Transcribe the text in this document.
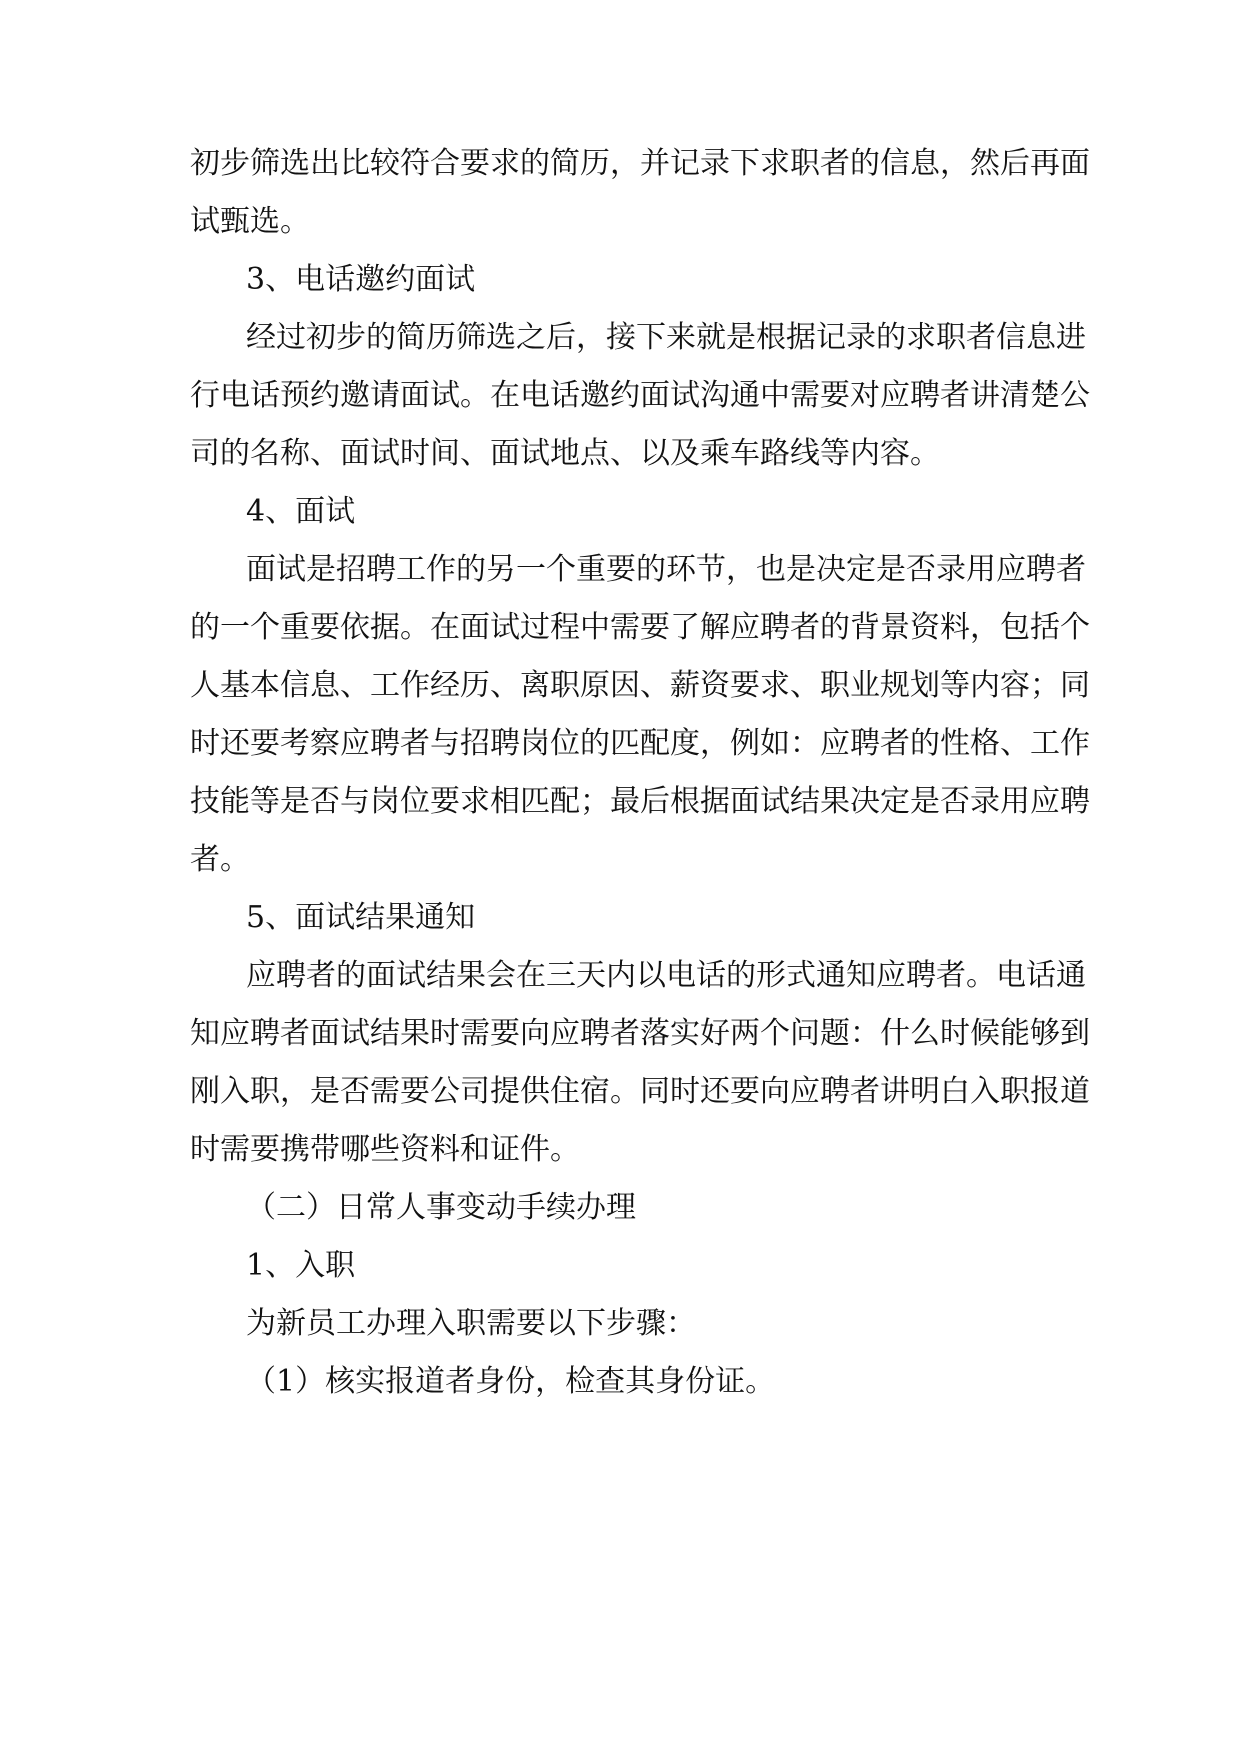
初步筛选出比较符合要求的简历，并记录下求职者的信息，然后再面
试甄选。
3、电话邀约面试
经过初步的简历筛选之后，接下来就是根据记录的求职者信息进
行电话预约邀请面试。在电话邀约面试沟通中需要对应聘者讲清楚公
司的名称、面试时间、面试地点、以及乘车路线等内容。
4、面试
面试是招聘工作的另一个重要的环节，也是决定是否录用应聘者
的一个重要依据。在面试过程中需要了解应聘者的背景资料，包括个
人基本信息、工作经历、离职原因、薪资要求、职业规划等内容；同
时还要考察应聘者与招聘岗位的匹配度，例如：应聘者的性格、工作
技能等是否与岗位要求相匹配；最后根据面试结果决定是否录用应聘
者。
5、面试结果通知
应聘者的面试结果会在三天内以电话的形式通知应聘者。电话通
知应聘者面试结果时需要向应聘者落实好两个问题：什么时候能够到
刚入职，是否需要公司提供住宿。同时还要向应聘者讲明白入职报道
时需要携带哪些资料和证件。
（二）日常人事变动手续办理
1、入职
为新员工办理入职需要以下步骤：
（1）核实报道者身份，检查其身份证。
